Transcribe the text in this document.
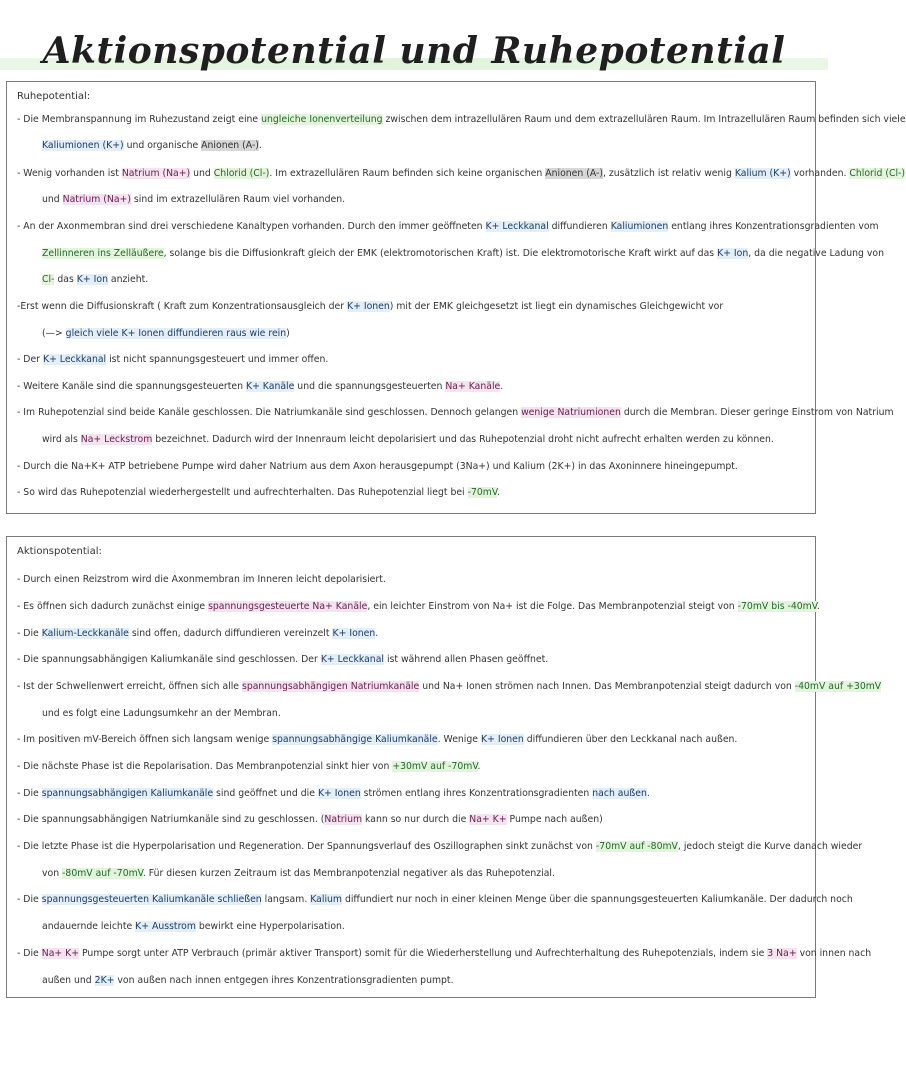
Aktionspotential und Ruhepotential
Ruhepotential:
- Die Membranspannung im Ruhezustand zeigt eine ungleiche Ionenverteilung zwischen dem intrazellulären Raum und dem extrazellulären Raum. Im Intrazellulären Raum befinden sich viele
Kaliumionen (K+) und organische Anionen (A-).
- Wenig vorhanden ist Natrium (Na+) und Chlorid (Cl-). Im extrazellulären Raum befinden sich keine organischen Anionen (A-), zusätzlich ist relativ wenig Kalium (K+) vorhanden. Chlorid (Cl-)
und Natrium (Na+) sind im extrazellulären Raum viel vorhanden.
- An der Axonmembran sind drei verschiedene Kanaltypen vorhanden. Durch den immer geöffneten K+ Leckkanal diffundieren Kaliumionen entlang ihres Konzentrationsgradienten vom
Zellinneren ins Zelläußere, solange bis die Diffusionkraft gleich der EMK (elektromotorischen Kraft) ist. Die elektromotorische Kraft wirkt auf das K+ Ion, da die negative Ladung von
Cl- das K+ Ion anzieht.
-Erst wenn die Diffusionskraft ( Kraft zum Konzentrationsausgleich der K+ Ionen) mit der EMK gleichgesetzt ist liegt ein dynamisches Gleichgewicht vor
(—> gleich viele K+ Ionen diffundieren raus wie rein)
- Der K+ Leckkanal ist nicht spannungsgesteuert und immer offen.
- Weitere Kanäle sind die spannungsgesteuerten K+ Kanäle und die spannungsgesteuerten Na+ Kanäle.
- Im Ruhepotenzial sind beide Kanäle geschlossen. Die Natriumkanäle sind geschlossen. Dennoch gelangen wenige Natriumionen durch die Membran. Dieser geringe Einstrom von Natrium
wird als Na+ Leckstrom bezeichnet. Dadurch wird der Innenraum leicht depolarisiert und das Ruhepotenzial droht nicht aufrecht erhalten werden zu können.
- Durch die Na+K+ ATP betriebene Pumpe wird daher Natrium aus dem Axon herausgepumpt (3Na+) und Kalium (2K+) in das Axoninnere hineingepumpt.
- So wird das Ruhepotenzial wiederhergestellt und aufrechterhalten. Das Ruhepotenzial liegt bei -70mV.
Aktionspotential:
- Durch einen Reizstrom wird die Axonmembran im Inneren leicht depolarisiert.
- Es öffnen sich dadurch zunächst einige spannungsgesteuerte Na+ Kanäle, ein leichter Einstrom von Na+ ist die Folge. Das Membranpotenzial steigt von -70mV bis -40mV.
- Die Kalium-Leckkanäle sind offen, dadurch diffundieren vereinzelt K+ Ionen.
- Die spannungsabhängigen Kaliumkanäle sind geschlossen. Der K+ Leckkanal ist während allen Phasen geöffnet.
- Ist der Schwellenwert erreicht, öffnen sich alle spannungsabhängigen Natriumkanäle und Na+ Ionen strömen nach Innen. Das Membranpotenzial steigt dadurch von -40mV auf +30mV
und es folgt eine Ladungsumkehr an der Membran.
- Im positiven mV-Bereich öffnen sich langsam wenige spannungsabhängige Kaliumkanäle. Wenige K+ Ionen diffundieren über den Leckkanal nach außen.
- Die nächste Phase ist die Repolarisation. Das Membranpotenzial sinkt hier von +30mV auf -70mV.
- Die spannungsabhängigen Kaliumkanäle sind geöffnet und die K+ Ionen strömen entlang ihres Konzentrationsgradienten nach außen.
- Die spannungsabhängigen Natriumkanäle sind zu geschlossen. (Natrium kann so nur durch die Na+ K+ Pumpe nach außen)
- Die letzte Phase ist die Hyperpolarisation und Regeneration. Der Spannungsverlauf des Oszillographen sinkt zunächst von -70mV auf -80mV, jedoch steigt die Kurve danach wieder
von -80mV auf -70mV. Für diesen kurzen Zeitraum ist das Membranpotenzial negativer als das Ruhepotenzial.
- Die spannungsgesteuerten Kaliumkanäle schließen langsam. Kalium diffundiert nur noch in einer kleinen Menge über die spannungsgesteuerten Kaliumkanäle. Der dadurch noch
andauernde leichte K+ Ausstrom bewirkt eine Hyperpolarisation.
- Die Na+ K+ Pumpe sorgt unter ATP Verbrauch (primär aktiver Transport) somit für die Wiederherstellung und Aufrechterhaltung des Ruhepotenzials, indem sie 3 Na+ von innen nach
außen und 2K+ von außen nach innen entgegen ihres Konzentrationsgradienten pumpt.
